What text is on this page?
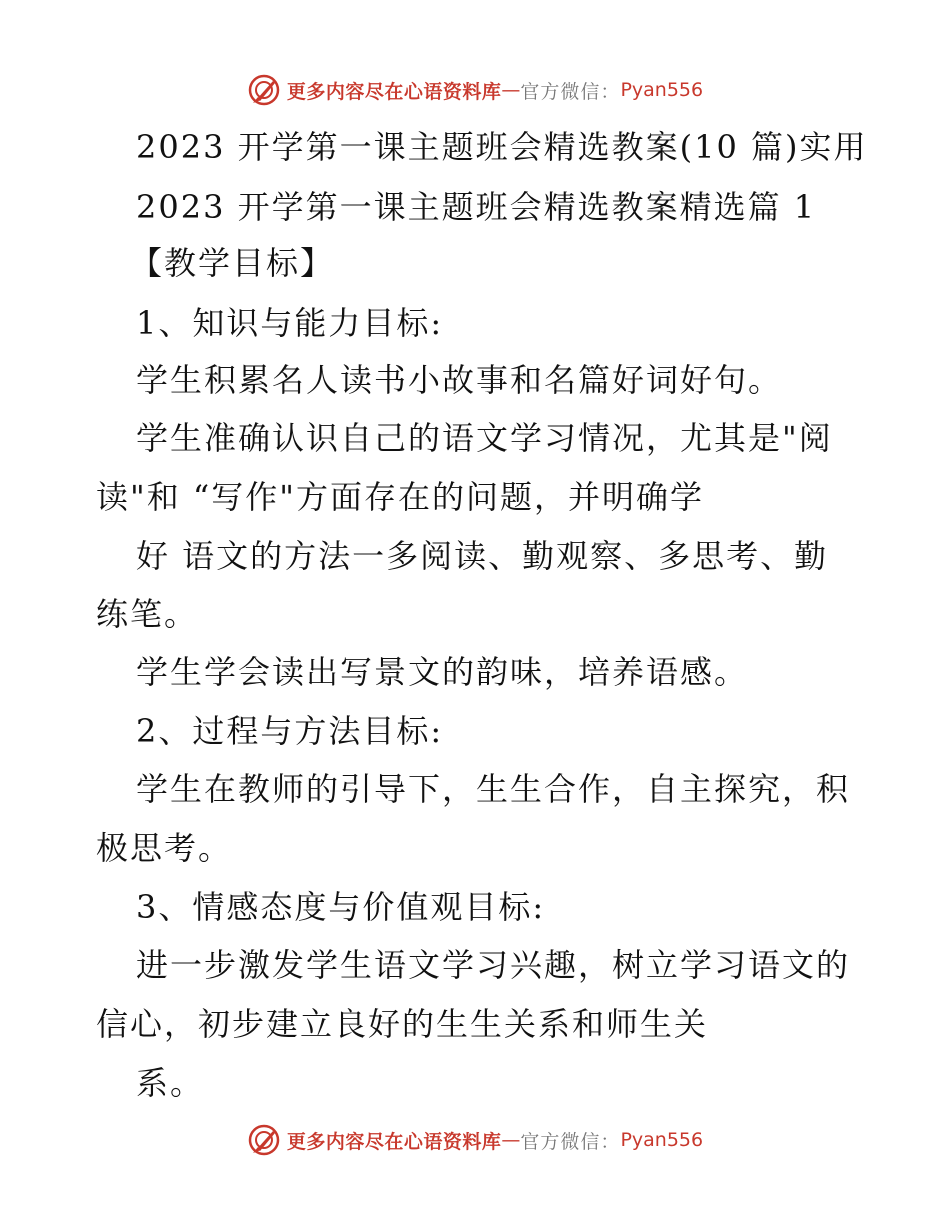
更多内容尽在心语资料库 — 官方微信： Pyan556
2023 开学第一课主题班会精选教案(10 篇)实用
2023 开学第一课主题班会精选教案精选篇 1
【教学目标】
1、知识与能力目标:
学生积累名人读书小故事和名篇好词好句。
学生准确认识自己的语文学习情况，尤其是"阅
读"和 “写作"方面存在的问题，并明确学
好 语文的方法一多阅读、勤观察、多思考、勤
练笔。
学生学会读出写景文的韵味，培养语感。
2、过程与方法目标:
学生在教师的引导下，生生合作，自主探究，积
极思考。
3、情感态度与价值观目标:
进一步激发学生语文学习兴趣，树立学习语文的
信心，初步建立良好的生生关系和师生关
系。
更多内容尽在心语资料库 — 官方微信： Pyan556
